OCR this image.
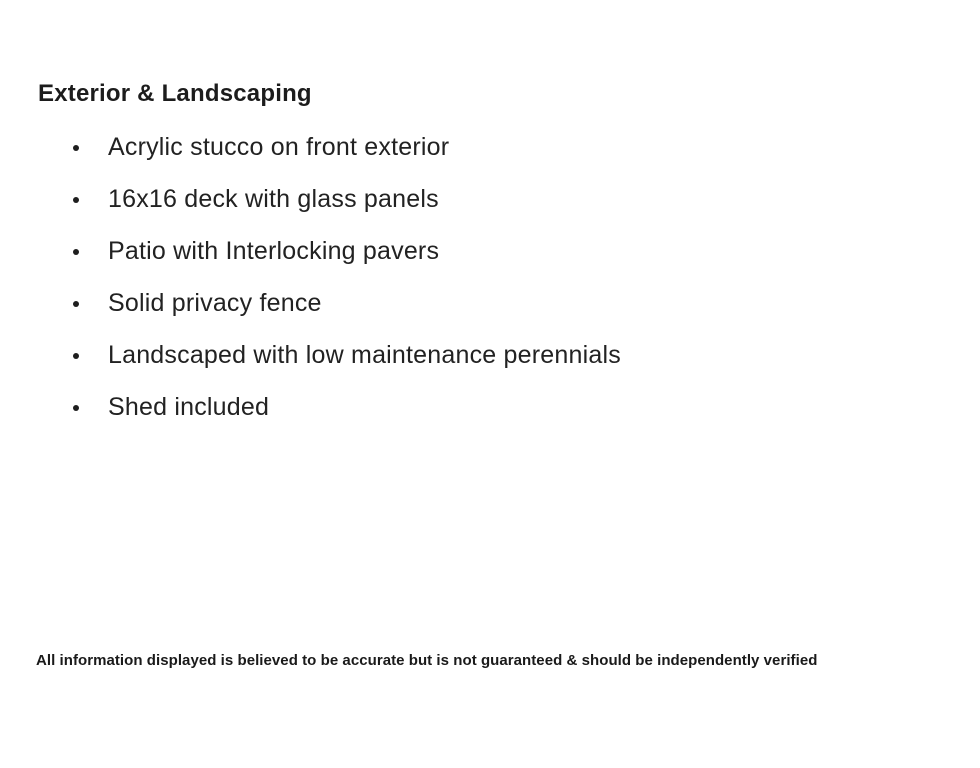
Exterior & Landscaping
Acrylic stucco on front exterior
16x16 deck with glass panels
Patio with Interlocking pavers
Solid privacy fence
Landscaped with low maintenance perennials
Shed included

All information displayed is believed to be accurate but is not guaranteed & should be independently verified
